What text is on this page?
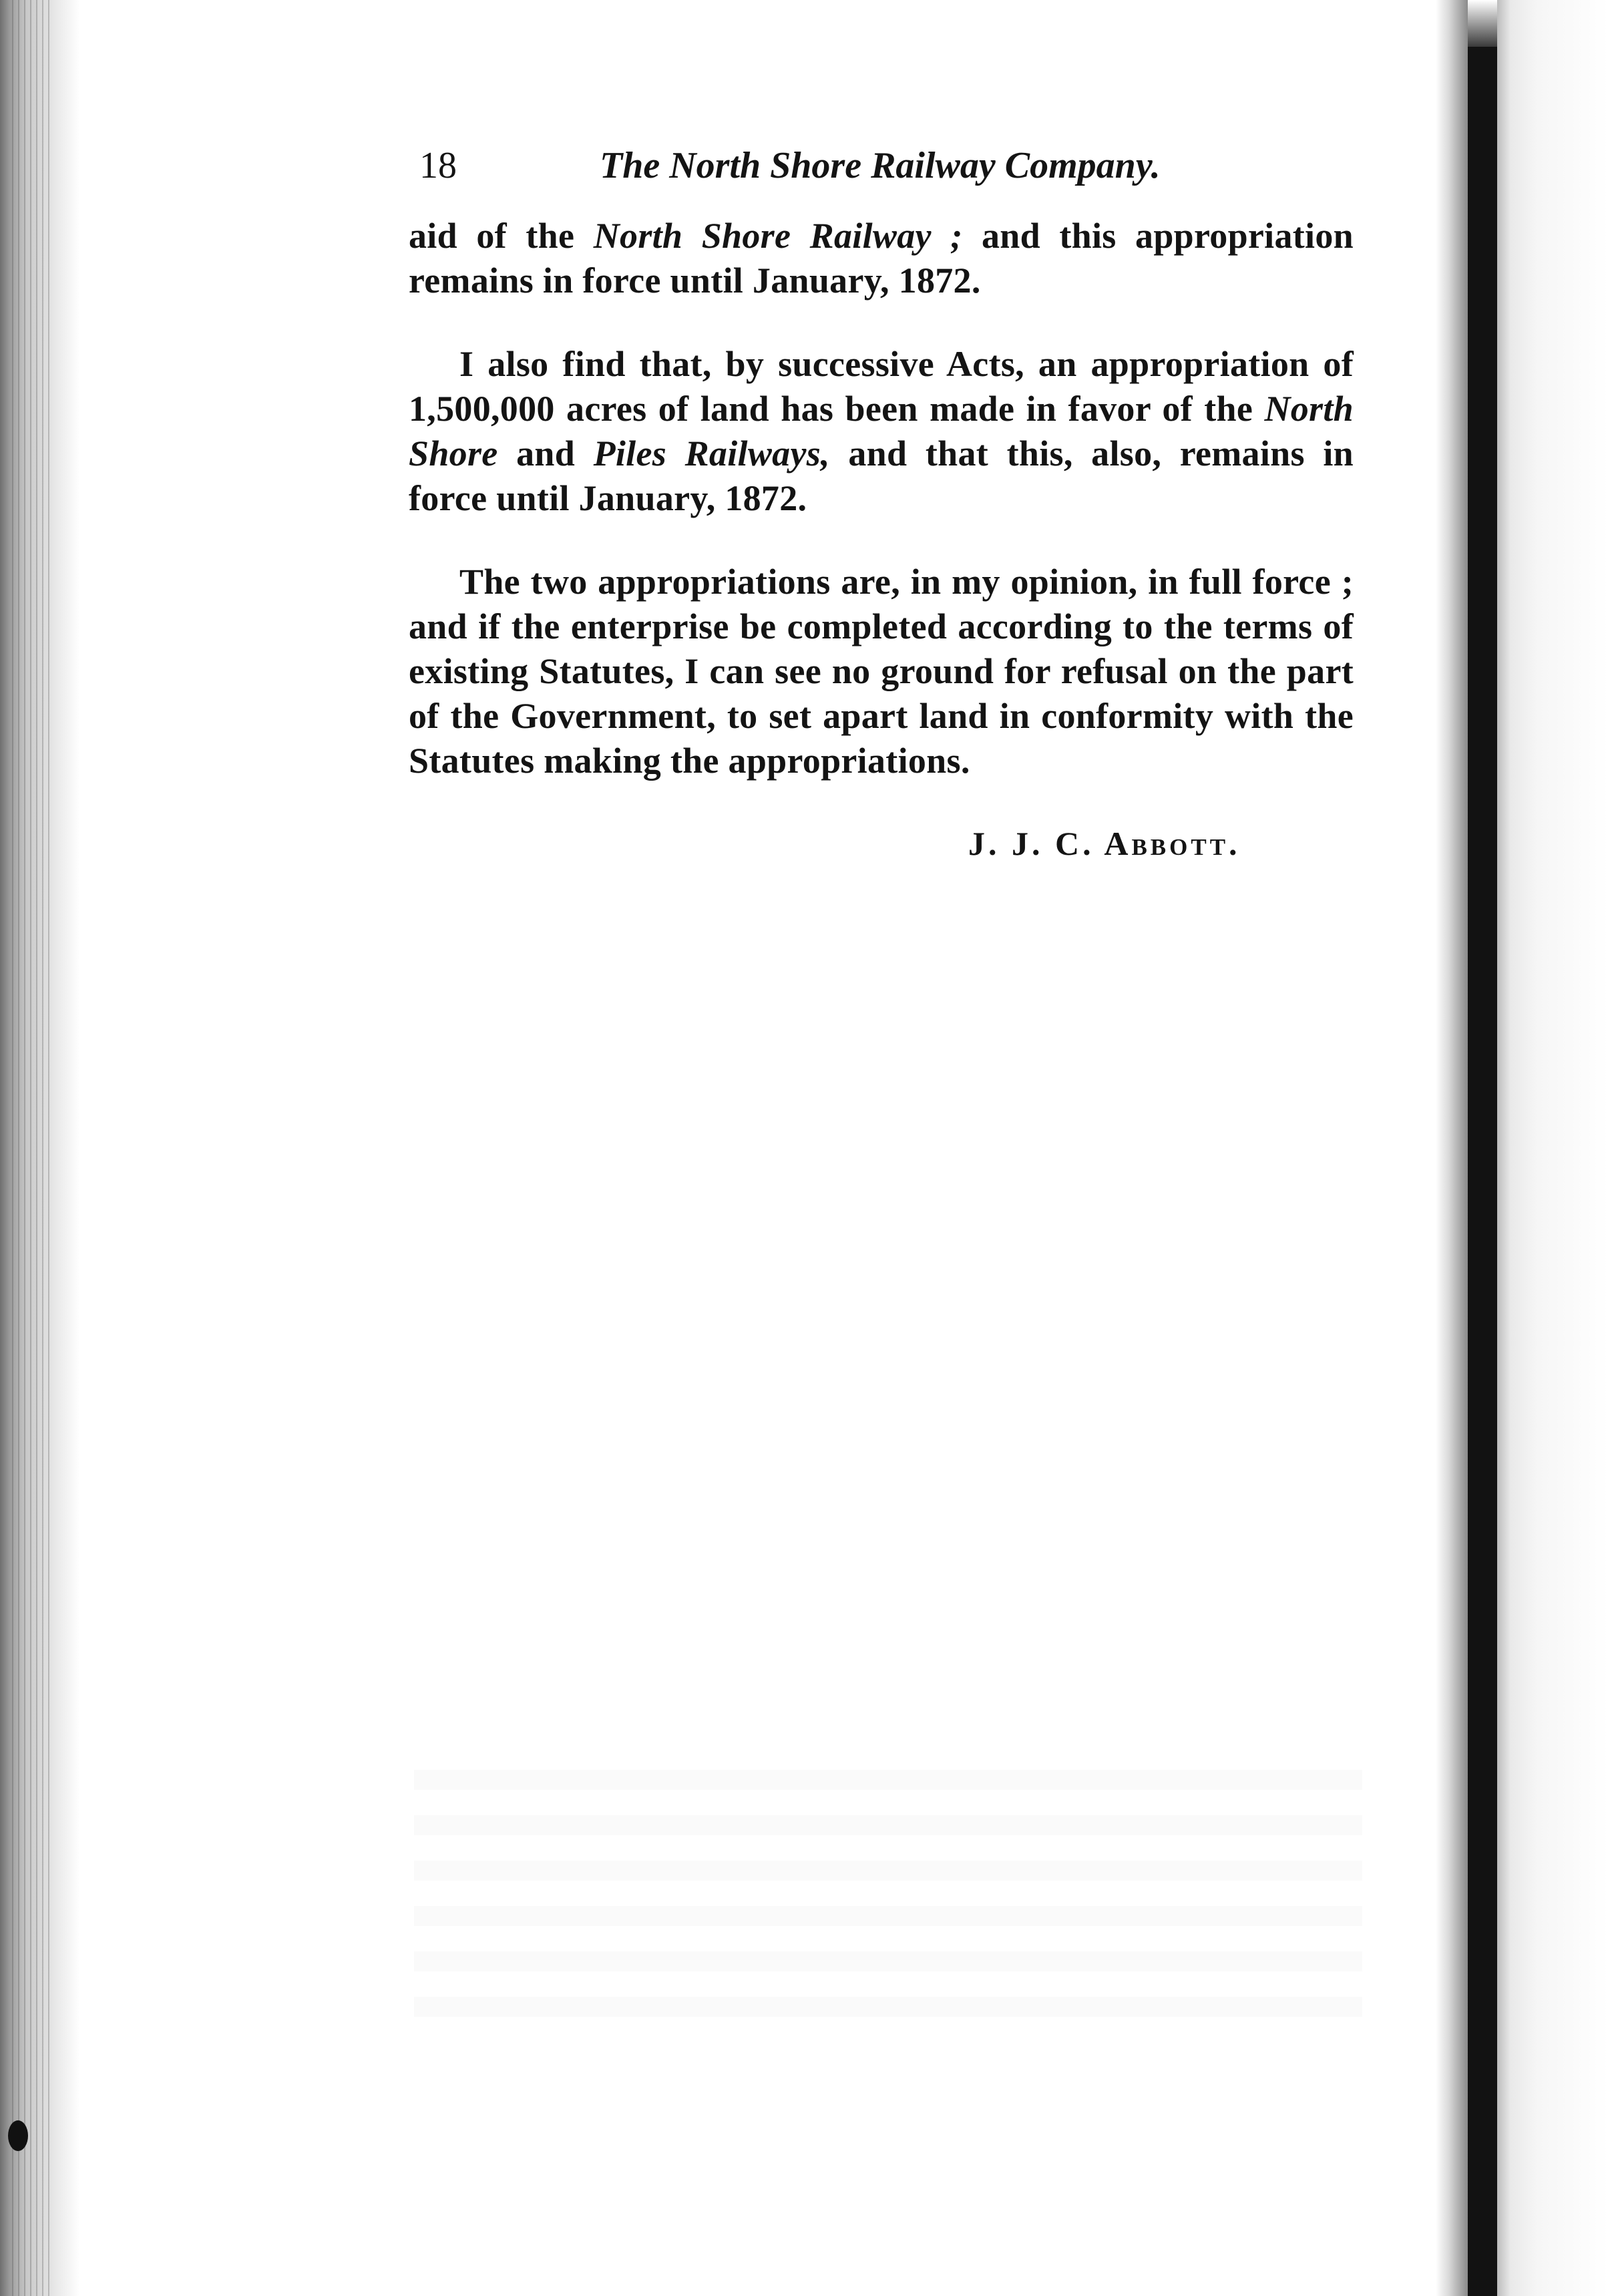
18	The North Shore Railway Company.

aid of the North Shore Railway ; and this appropriation remains in force until January, 1872.

I also find that, by successive Acts, an appropriation of 1,500,000 acres of land has been made in favor of the North Shore and Piles Railways, and that this, also, remains in force until January, 1872.

The two appropriations are, in my opinion, in full force ; and if the enterprise be completed according to the terms of existing Statutes, I can see no ground for refusal on the part of the Government, to set apart land in conformity with the Statutes making the appropriations.

J. J. C. Abbott.
